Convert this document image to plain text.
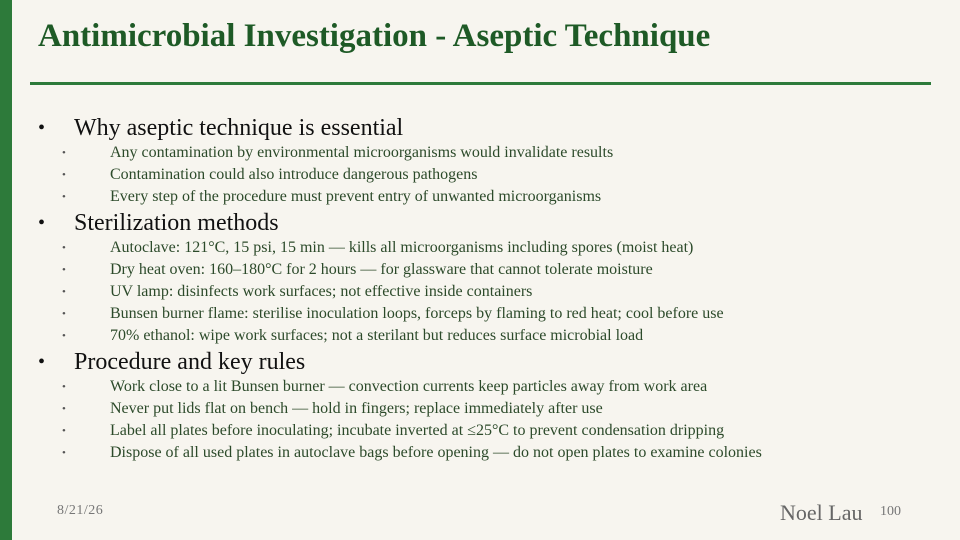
Antimicrobial Investigation - Aseptic Technique
• Why aseptic technique is essential
•	Any contamination by environmental microorganisms would invalidate results
•	Contamination could also introduce dangerous pathogens
•	Every step of the procedure must prevent entry of unwanted microorganisms
• Sterilization methods
•	Autoclave: 121°C, 15 psi, 15 min — kills all microorganisms including spores (moist heat)
•	Dry heat oven: 160–180°C for 2 hours — for glassware that cannot tolerate moisture
•	UV lamp: disinfects work surfaces; not effective inside containers
•	Bunsen burner flame: sterilise inoculation loops, forceps by flaming to red heat; cool before use
•	70% ethanol: wipe work surfaces; not a sterilant but reduces surface microbial load
• Procedure and key rules
•	Work close to a lit Bunsen burner — convection currents keep particles away from work area
•	Never put lids flat on bench — hold in fingers; replace immediately after use
•	Label all plates before inoculating; incubate inverted at ≤25°C to prevent condensation dripping
•	Dispose of all used plates in autoclave bags before opening — do not open plates to examine colonies
8/21/26	Noel Lau 100
